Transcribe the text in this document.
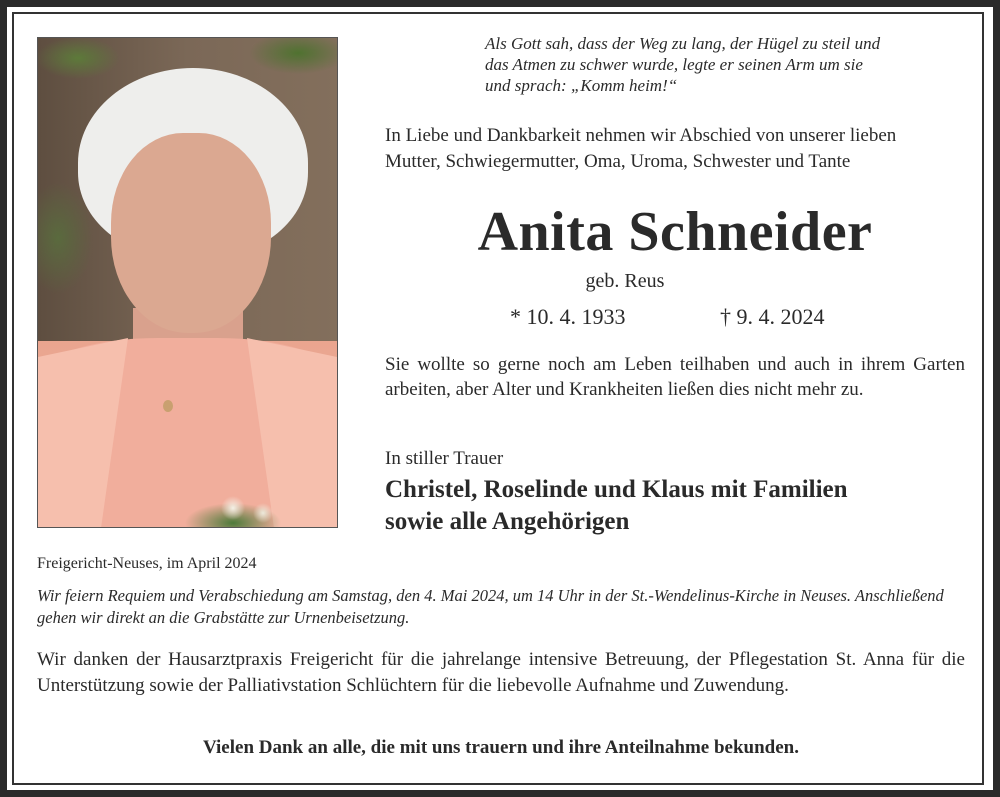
Als Gott sah, dass der Weg zu lang, der Hügel zu steil und
das Atmen zu schwer wurde, legte er seinen Arm um sie
und sprach: „Komm heim!“
In Liebe und Dankbarkeit nehmen wir Abschied von unserer lieben
Mutter, Schwiegermutter, Oma, Uroma, Schwester und Tante
Anita Schneider
geb. Reus
* 10. 4. 1933	† 9. 4. 2024
Sie wollte so gerne noch am Leben teilhaben und auch in ihrem Garten arbeiten, aber Alter und Krankheiten ließen dies nicht mehr zu.
In stiller Trauer
Christel, Roselinde und Klaus mit Familien
sowie alle Angehörigen
Freigericht-Neuses, im April 2024
Wir feiern Requiem und Verabschiedung am Samstag, den 4. Mai 2024, um 14 Uhr in der St.-Wendelinus-Kirche in Neuses. Anschließend gehen wir direkt an die Grabstätte zur Urnenbeisetzung.
Wir danken der Hausarztpraxis Freigericht für die jahrelange intensive Betreuung, der Pflegestation St. Anna für die Unterstützung sowie der Palliativstation Schlüchtern für die liebevolle Aufnahme und Zuwendung.
Vielen Dank an alle, die mit uns trauern und ihre Anteilnahme bekunden.
